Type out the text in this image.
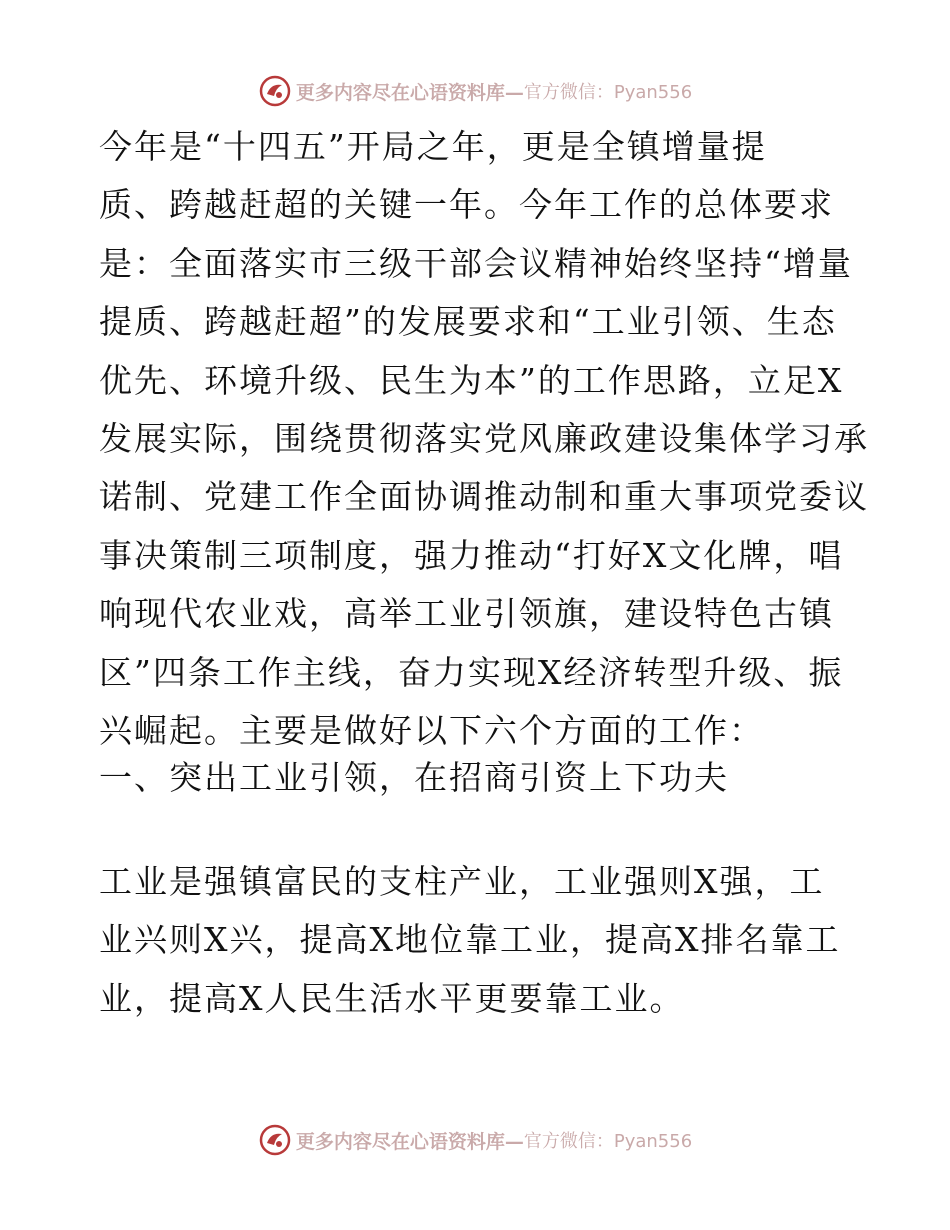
更多内容尽在心语资料库— 官方微信：Pyan556
今年是“十四五”开局之年，更是全镇增量提
质、跨越赶超的关键一年。今年工作的总体要求
是：全面落实市三级干部会议精神始终坚持“增量
提质、跨越赶超”的发展要求和“工业引领、生态
优先、环境升级、民生为本”的工作思路，立足X
发展实际，围绕贯彻落实党风廉政建设集体学习承
诺制、党建工作全面协调推动制和重大事项党委议
事决策制三项制度，强力推动“打好X文化牌，唱
响现代农业戏，高举工业引领旗，建设特色古镇
区”四条工作主线，奋力实现X经济转型升级、振
兴崛起。主要是做好以下六个方面的工作：
一、突出工业引领，在招商引资上下功夫
工业是强镇富民的支柱产业，工业强则X强，工
业兴则X兴，提高X地位靠工业，提高X排名靠工
业，提高X人民生活水平更要靠工业。
更多内容尽在心语资料库— 官方微信：Pyan556
